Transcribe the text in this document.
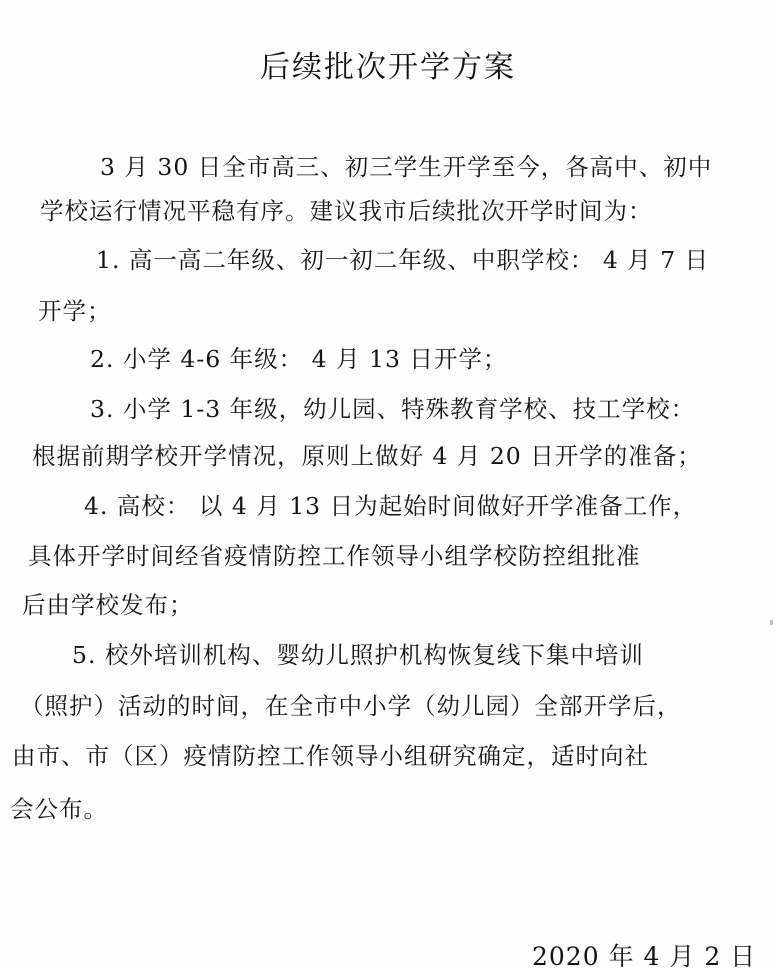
后续批次开学方案
3 月 30 日全市高三、初三学生开学至今，各高中、初中
学校运行情况平稳有序。建议我市后续批次开学时间为：
1. 高一高二年级、初一初二年级、中职学校： 4 月 7 日
开学；
2. 小学 4-6 年级： 4 月 13 日开学；
3. 小学 1-3 年级，幼儿园、特殊教育学校、技工学校：
根据前期学校开学情况，原则上做好 4 月 20 日开学的准备；
4. 高校： 以 4 月 13 日为起始时间做好开学准备工作，
具体开学时间经省疫情防控工作领导小组学校防控组批准
后由学校发布；
5. 校外培训机构、婴幼儿照护机构恢复线下集中培训
（照护）活动的时间，在全市中小学（幼儿园）全部开学后，
由市、市（区）疫情防控工作领导小组研究确定，适时向社
会公布。
2020 年 4 月 2 日
